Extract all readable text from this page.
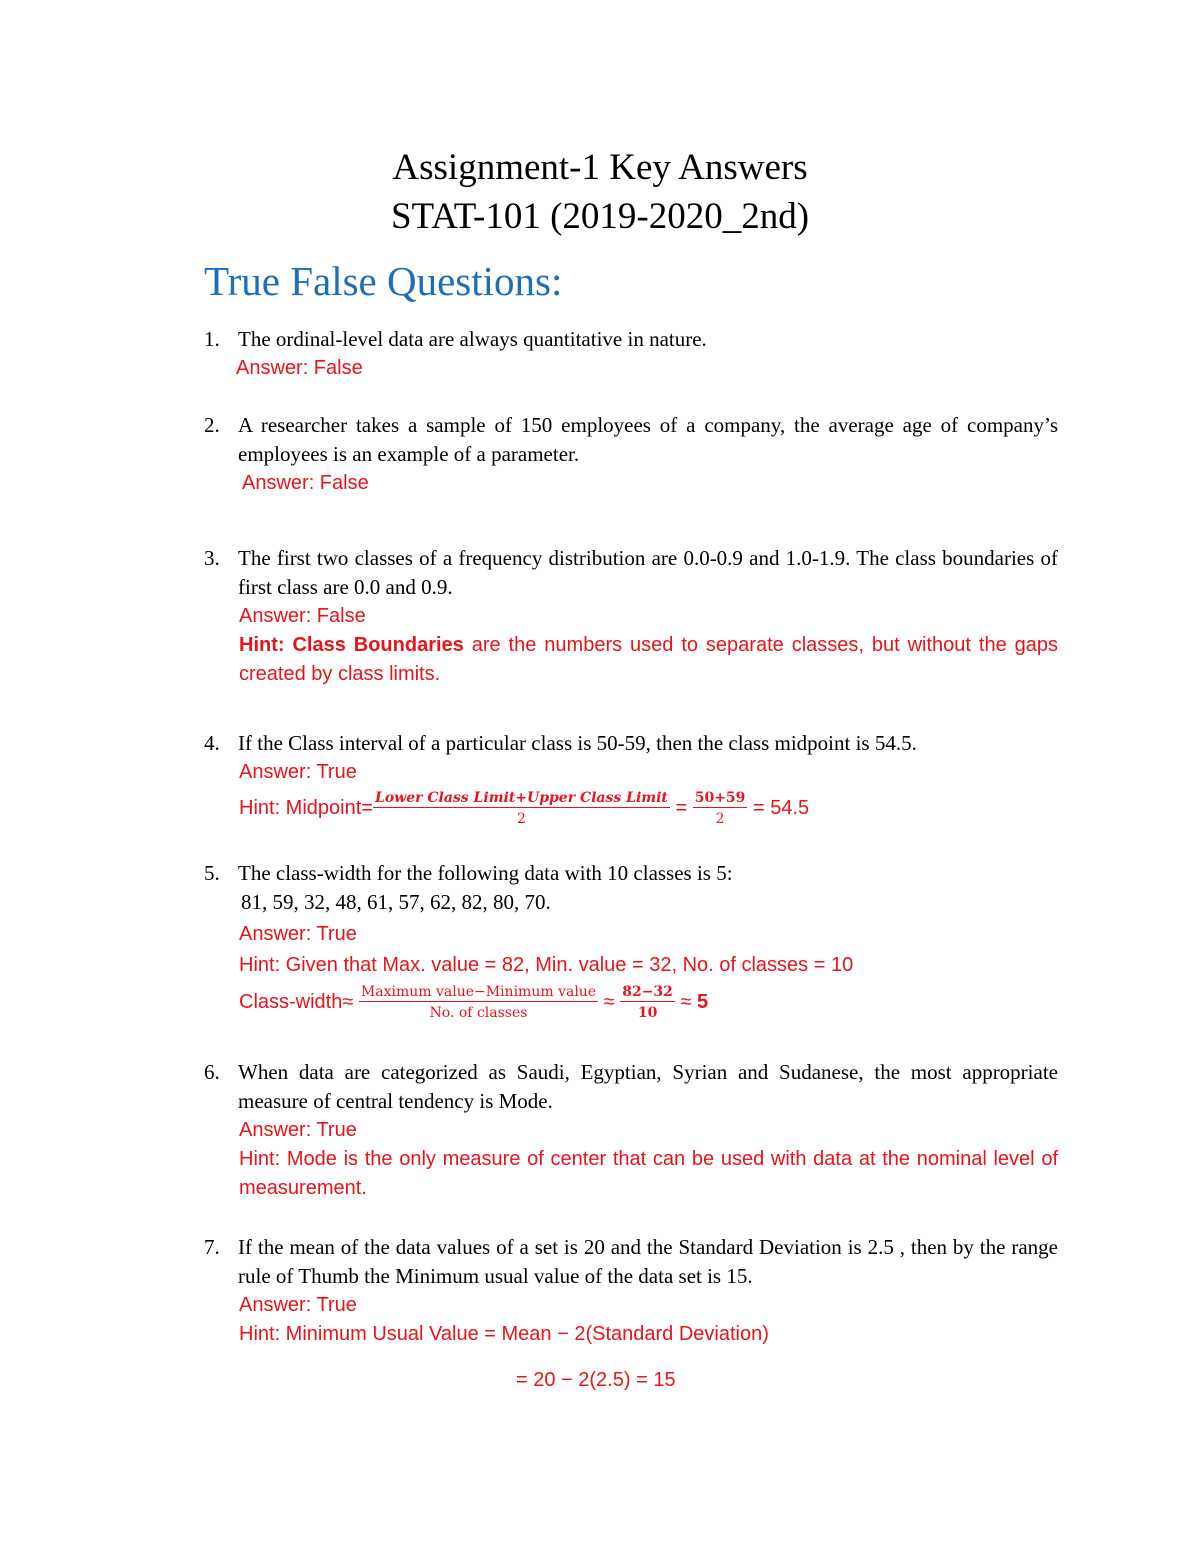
Assignment-1 Key Answers
STAT-101 (2019-2020_2nd)
True False Questions:
1. The ordinal-level data are always quantitative in nature.
Answer: False
2. A researcher takes a sample of 150 employees of a company, the average age of company’s employees is an example of a parameter.
Answer: False
3. The first two classes of a frequency distribution are 0.0-0.9 and 1.0-1.9. The class boundaries of first class are 0.0 and 0.9.
Answer: False
Hint: Class Boundaries are the numbers used to separate classes, but without the gaps created by class limits.
4. If the Class interval of a particular class is 50-59, then the class midpoint is 54.5.
Answer: True
Hint: Midpoint= $\frac{\text{Lower Class Limit+Upper Class Limit}}{2} = \frac{50+59}{2} = 54.5$
5. The class-width for the following data with 10 classes is 5:
81, 59, 32, 48, 61, 57, 62, 82, 80, 70.
Answer: True
Hint: Given that Max. value = 82, Min. value = 32, No. of classes = 10
Class-width≈ $\frac{\text{Maximum value−Minimum value}}{\text{No. of classes}} \approx \frac{82-32}{10} \approx 5$
6. When data are categorized as Saudi, Egyptian, Syrian and Sudanese, the most appropriate measure of central tendency is Mode.
Answer: True
Hint: Mode is the only measure of center that can be used with data at the nominal level of measurement.
7. If the mean of the data values of a set is 20 and the Standard Deviation is 2.5 , then by the range rule of Thumb the Minimum usual value of the data set is 15.
Answer: True
Hint: Minimum Usual Value = Mean − 2(Standard Deviation)
= 20 − 2(2.5) = 15
